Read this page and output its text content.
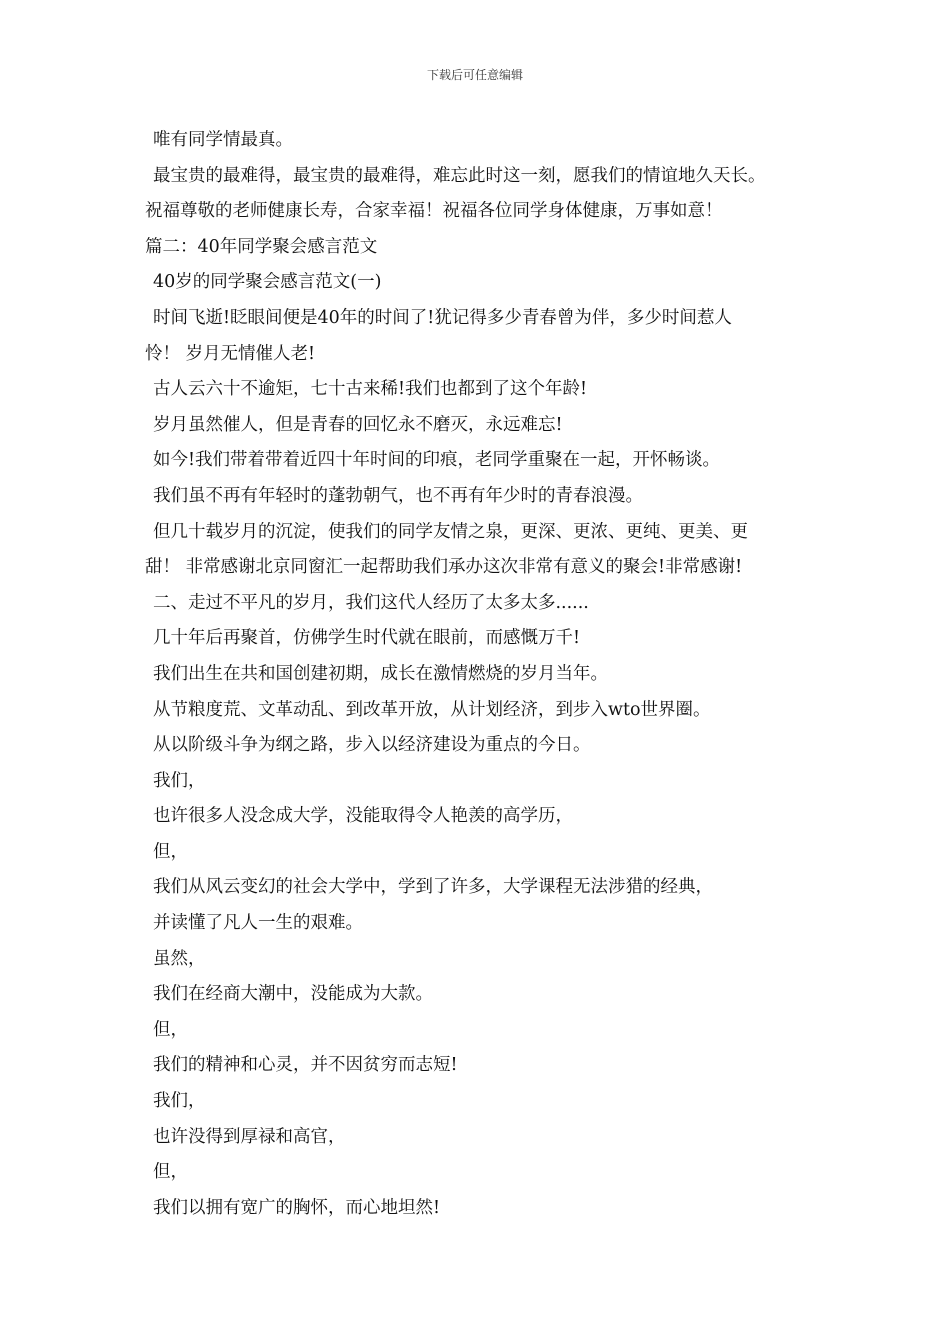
下载后可任意编辑
唯有同学情最真。
最宝贵的最难得，最宝贵的最难得，难忘此时这一刻，愿我们的情谊地久天长。
祝福尊敬的老师健康长寿，合家幸福！祝福各位同学身体健康，万事如意！
篇二：40年同学聚会感言范文
40岁的同学聚会感言范文(一)
时间飞逝!眨眼间便是40年的时间了!犹记得多少青春曾为伴，多少时间惹人
怜！ 岁月无情催人老!
古人云六十不逾矩，七十古来稀!我们也都到了这个年龄!
岁月虽然催人，但是青春的回忆永不磨灭，永远难忘!
如今!我们带着带着近四十年时间的印痕，老同学重聚在一起，开怀畅谈。
我们虽不再有年轻时的蓬勃朝气，也不再有年少时的青春浪漫。
但几十载岁月的沉淀，使我们的同学友情之泉，更深、更浓、更纯、更美、更
甜！ 非常感谢北京同窗汇一起帮助我们承办这次非常有意义的聚会!非常感谢!
二、走过不平凡的岁月，我们这代人经历了太多太多......
几十年后再聚首，仿佛学生时代就在眼前，而感慨万千!
我们出生在共和国创建初期，成长在激情燃烧的岁月当年。
从节粮度荒、文革动乱、到改革开放，从计划经济，到步入wto世界圈。
从以阶级斗争为纲之路，步入以经济建设为重点的今日。
我们，
也许很多人没念成大学，没能取得令人艳羡的高学历，
但，
我们从风云变幻的社会大学中，学到了许多，大学课程无法涉猎的经典，
并读懂了凡人一生的艰难。
虽然，
我们在经商大潮中，没能成为大款。
但，
我们的精神和心灵，并不因贫穷而志短!
我们，
也许没得到厚禄和高官，
但，
我们以拥有宽广的胸怀，而心地坦然!
